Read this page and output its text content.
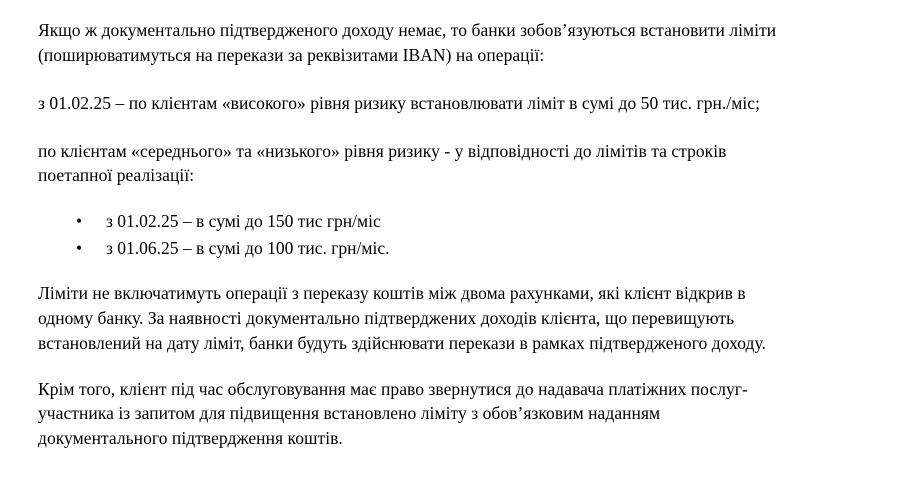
Якщо ж документально підтвердженого доходу немає, то банки зобов’язуються встановити ліміти (поширюватимуться на перекази за реквізитами IBAN) на операції:

з 01.02.25 – по клієнтам «високого» рівня ризику встановлювати ліміт в сумі до 50 тис. грн./міс;

по клієнтам «середнього» та «низького» рівня ризику - у відповідності до лімітів та строків поетапної реалізації:

• з 01.02.25 – в сумі до 150 тис грн/міс
• з 01.06.25 – в сумі до 100 тис. грн/міс.

Ліміти не включатимуть операції з переказу коштів між двома рахунками, які клієнт відкрив в одному банку. За наявності документально підтверджених доходів клієнта, що перевищують встановлений на дату ліміт, банки будуть здійснювати перекази в рамках підтвердженого доходу.

Крім того, клієнт під час обслуговування має право звернутися до надавача платіжних послуг-участника із запитом для підвищення встановлено ліміту з обов’язковим наданням документального підтвердження коштів.
